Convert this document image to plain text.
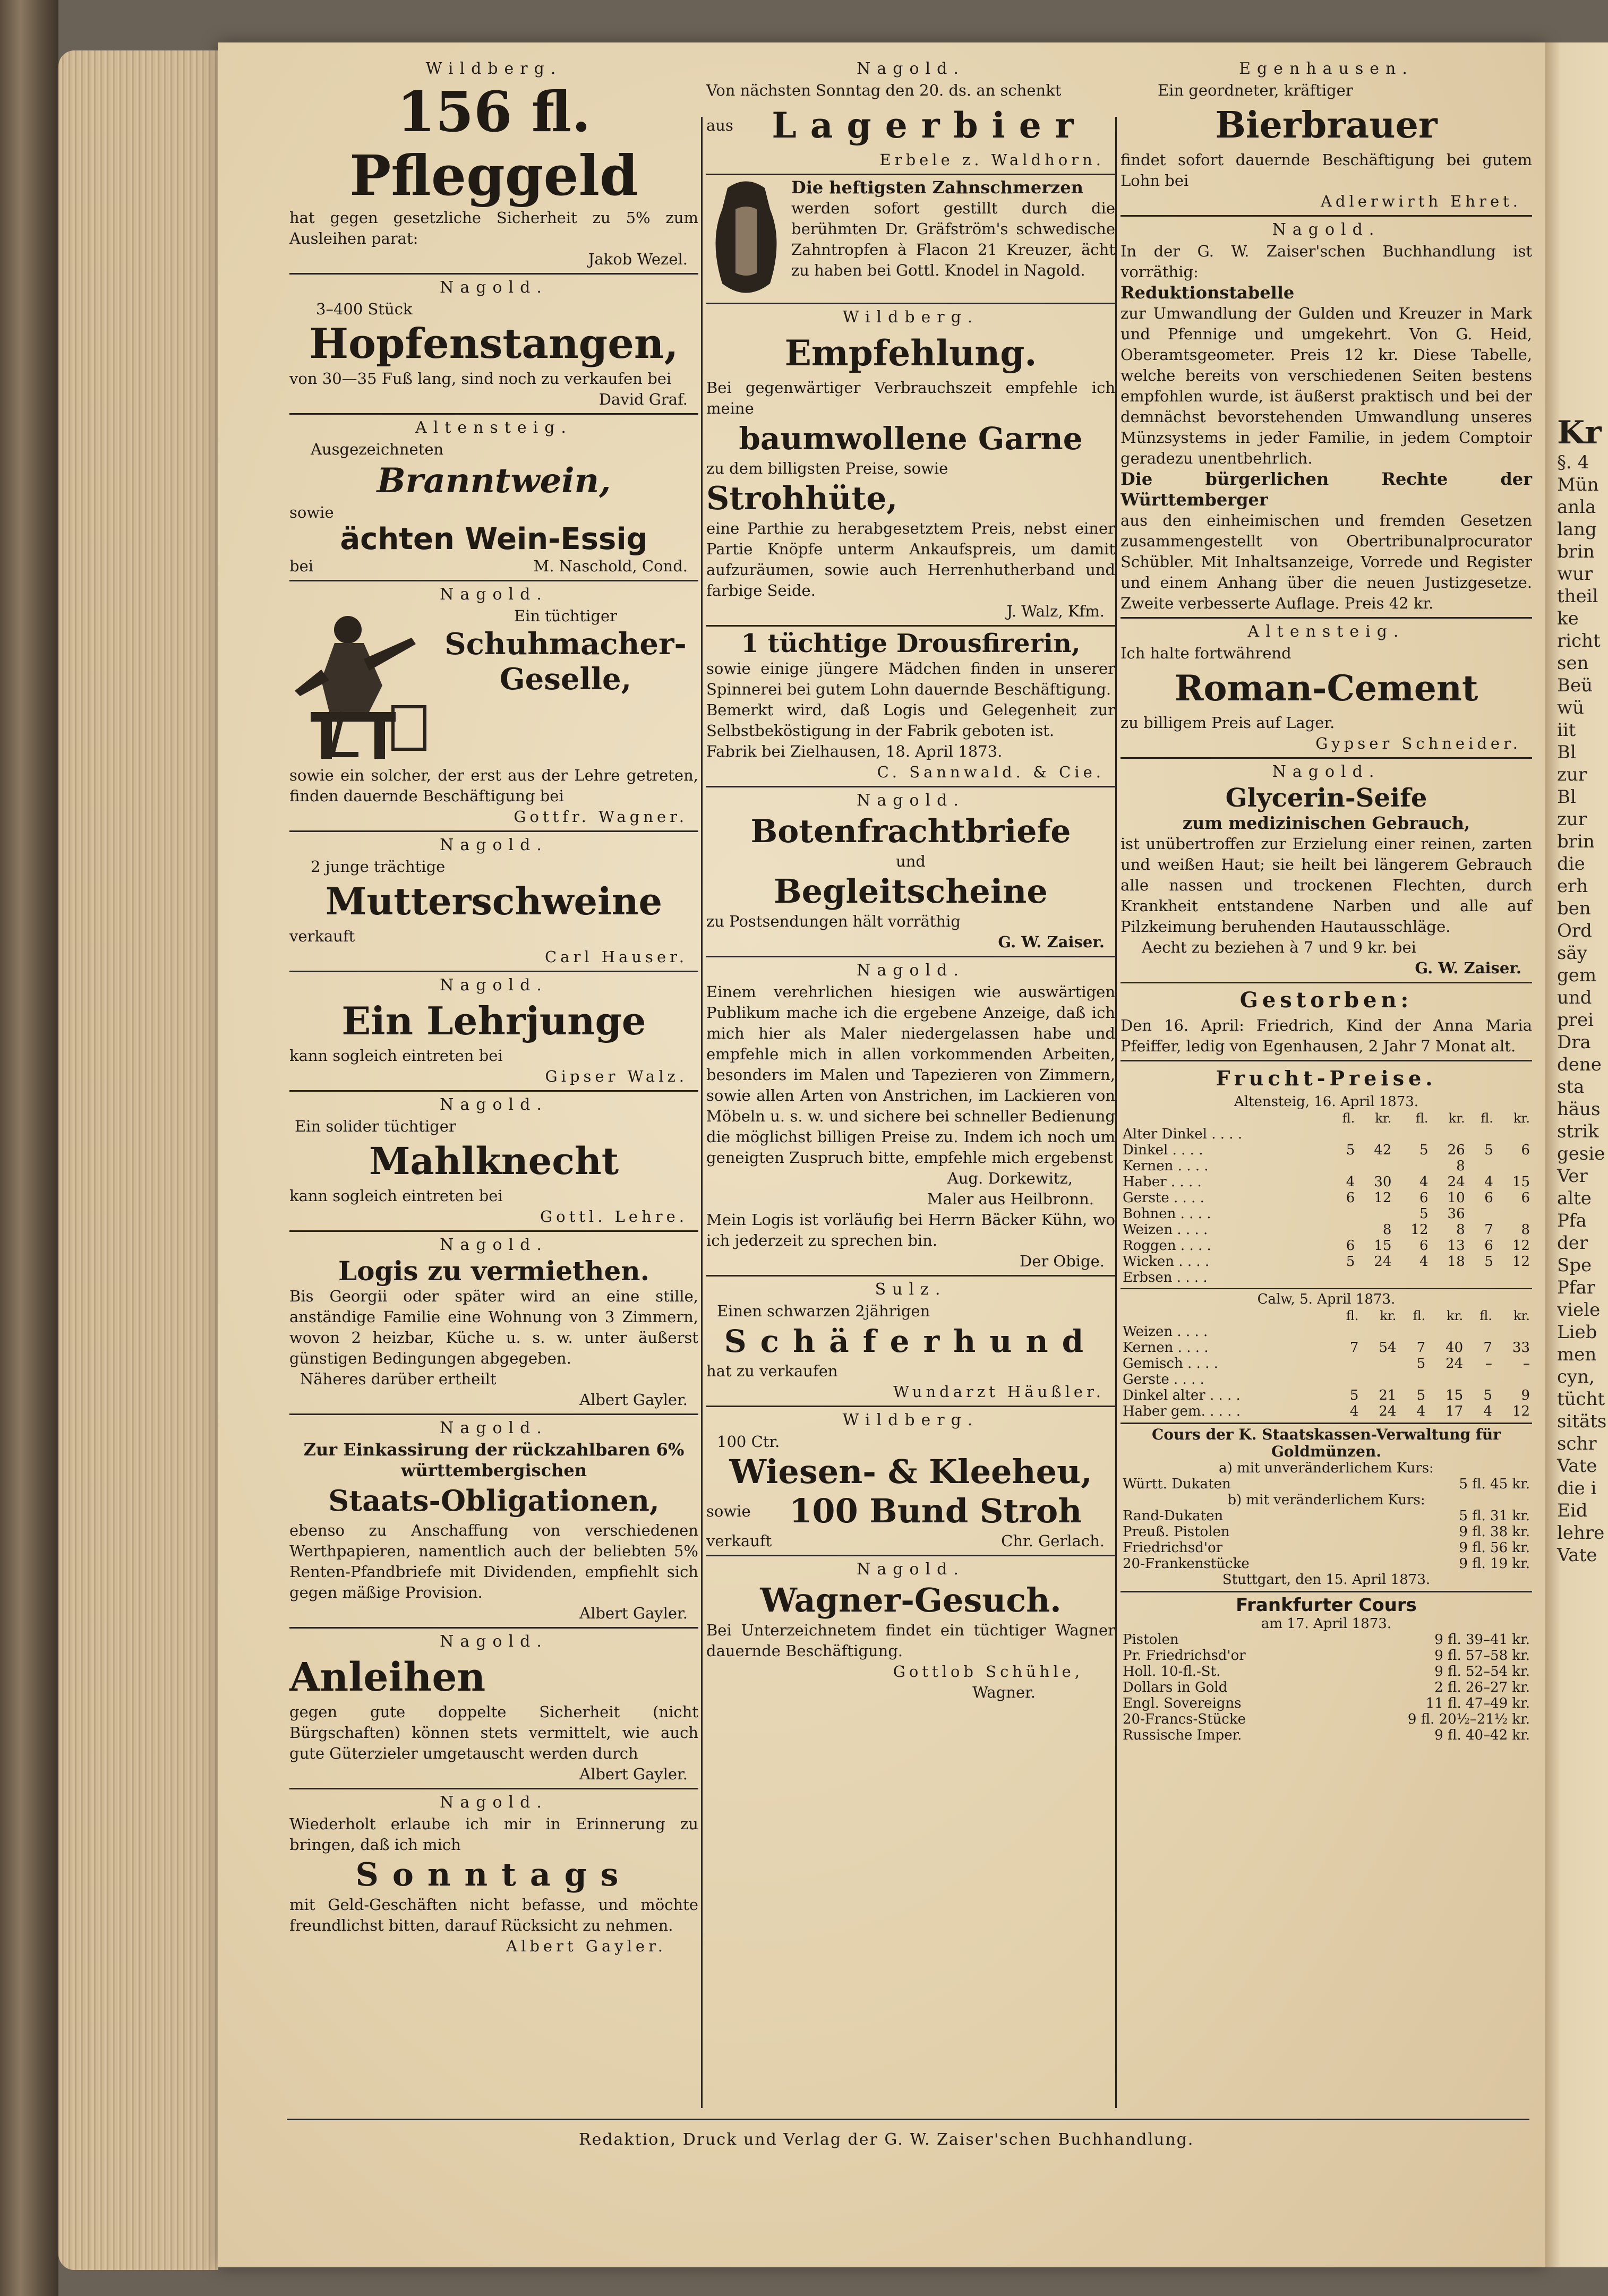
Kr
§. 4
Mün
anla
lang
brin
wur
theil
ke
richt
sen
Beü
wü
iit
Bl
zur
Bl
zur
brin
die
erh
ben
Ord
säy
gem
und
prei
Dra
dene
sta
häus
strik
gesie
Ver
alte
Pfa
der
Spe
Pfar
viele
Lieb
men
cyn,
tücht
sitäts
schr
Vate
die i
Eid
lehre
Vate
Wildberg.
156 fl. Pfleggeld
hat gegen gesetzliche Sicherheit zu 5% zum Ausleihen parat:
Jakob Wezel.
Nagold.
3–400 Stück
Hopfenstangen,
von 30—35 Fuß lang, sind noch zu verkaufen bei
David Graf.
Altensteig.
Ausgezeichneten
Branntwein,
sowie
ächten Wein-Essig
bei	M. Naschold, Cond.
Nagold.
Ein tüchtiger
Schuhmacher-Geselle,
sowie ein solcher, der erst aus der Lehre getreten, finden dauernde Beschäftigung bei
Gottfr. Wagner.
Nagold.
2 junge trächtige
Mutterschweine
verkauft
Carl Hauser.
Nagold.
Ein Lehrjunge
kann sogleich eintreten bei
Gipser Walz.
Nagold.
Ein solider tüchtiger
Mahlknecht
kann sogleich eintreten bei
Gottl. Lehre.
Nagold.
Logis zu vermiethen.
Bis Georgii oder später wird an eine stille, anständige Familie eine Wohnung von 3 Zimmern, wovon 2 heizbar, Küche u. s. w. unter äußerst günstigen Bedingungen abgegeben.
Näheres darüber ertheilt
Albert Gayler.
Nagold.
Zur Einkassirung der rückzahlbaren 6% württembergischen
Staats-Obligationen,
ebenso zu Anschaffung von verschiedenen Werthpapieren, namentlich auch der beliebten 5% Renten-Pfandbriefe mit Dividenden, empfiehlt sich gegen mäßige Provision.
Albert Gayler.
Nagold.
Anleihen
gegen gute doppelte Sicherheit (nicht Bürgschaften) können stets vermittelt, wie auch gute Güterzieler umgetauscht werden durch
Albert Gayler.
Nagold.
Wiederholt erlaube ich mir in Erinnerung zu bringen, daß ich mich
Sonntags
mit Geld-Geschäften nicht befasse, und möchte freundlichst bitten, darauf Rücksicht zu nehmen.
Albert Gayler.
Nagold.
Von nächsten Sonntag den 20. ds. an schenkt
aus	Lagerbier
Erbele z. Waldhorn.
Die heftigsten Zahnschmerzen
werden sofort gestillt durch die berühmten Dr. Gräfström's schwedische Zahntropfen à Flacon 21 Kreuzer, ächt zu haben bei Gottl. Knodel in Nagold.
Wildberg.
Empfehlung.
Bei gegenwärtiger Verbrauchszeit empfehle ich meine
baumwollene Garne
zu dem billigsten Preise, sowie
Strohhüte,
eine Parthie zu herabgesetztem Preis, nebst einer Partie Knöpfe unterm Ankaufspreis, um damit aufzuräumen, sowie auch Herrenhutherband und farbige Seide.
J. Walz, Kfm.
1 tüchtige Drousfirerin,
sowie einige jüngere Mädchen finden in unserer Spinnerei bei gutem Lohn dauernde Beschäftigung.
Bemerkt wird, daß Logis und Gelegenheit zur Selbstbeköstigung in der Fabrik geboten ist.
Fabrik bei Zielhausen, 18. April 1873.
C. Sannwald. & Cie.
Nagold.
Botenfrachtbriefe
und
Begleitscheine
zu Postsendungen hält vorräthig
G. W. Zaiser.
Nagold.
Einem verehrlichen hiesigen wie auswärtigen Publikum mache ich die ergebene Anzeige, daß ich mich hier als Maler niedergelassen habe und empfehle mich in allen vorkommenden Arbeiten, besonders im Malen und Tapezieren von Zimmern, sowie allen Arten von Anstrichen, im Lackieren von Möbeln u. s. w. und sichere bei schneller Bedienung die möglichst billigen Preise zu. Indem ich noch um geneigten Zuspruch bitte, empfehle mich ergebenst
Aug. Dorkewitz,
Maler aus Heilbronn.
Mein Logis ist vorläufig bei Herrn Bäcker Kühn, wo ich jederzeit zu sprechen bin.
Der Obige.
Sulz.
Einen schwarzen 2jährigen
Schäferhund
hat zu verkaufen
Wundarzt Häußler.
Wildberg.
100 Ctr.
Wiesen- & Kleeheu,
sowie	100 Bund Stroh
verkauft	Chr. Gerlach.
Nagold.
Wagner-Gesuch.
Bei Unterzeichnetem findet ein tüchtiger Wagner dauernde Beschäftigung.
Gottlob Schühle,
Wagner.
Egenhausen.
Ein geordneter, kräftiger
Bierbrauer
findet sofort dauernde Beschäftigung bei gutem Lohn bei
Adlerwirth Ehret.
Nagold.
In der G. W. Zaiser'schen Buchhandlung ist vorräthig:
Reduktionstabelle
zur Umwandlung der Gulden und Kreuzer in Mark und Pfennige und umgekehrt. Von G. Heid, Oberamtsgeometer. Preis 12 kr. Diese Tabelle, welche bereits von verschiedenen Seiten bestens empfohlen wurde, ist äußerst praktisch und bei der demnächst bevorstehenden Umwandlung unseres Münzsystems in jeder Familie, in jedem Comptoir geradezu unentbehrlich.
Die bürgerlichen Rechte der Württemberger
aus den einheimischen und fremden Gesetzen zusammengestellt von Obertribunalprocurator Schübler. Mit Inhaltsanzeige, Vorrede und Register und einem Anhang über die neuen Justizgesetze. Zweite verbesserte Auflage. Preis 42 kr.
Altensteig.
Ich halte fortwährend
Roman-Cement
zu billigem Preis auf Lager.
Gypser Schneider.
Nagold.
Glycerin-Seife
zum medizinischen Gebrauch,
ist unübertroffen zur Erzielung einer reinen, zarten und weißen Haut; sie heilt bei längerem Gebrauch alle nassen und trockenen Flechten, durch Krankheit entstandene Narben und alle auf Pilzkeimung beruhenden Hautausschläge.
Aecht zu beziehen à 7 und 9 kr. bei
G. W. Zaiser.
Gestorben:
Den 16. April: Friedrich, Kind der Anna Maria Pfeiffer, ledig von Egenhausen, 2 Jahr 7 Monat alt.
Frucht-Preise.
Altensteig, 16. April 1873.
	fl.	kr.	fl.	kr.	fl.	kr.
Alter Dinkel . . . .						
Dinkel . . . .	5	42	5	26	5	6
Kernen . . . .				8		
Haber . . . .	4	30	4	24	4	15
Gerste . . . .	6	12	6	10	6	6
Bohnen . . . .			5	36		
Weizen . . . .		8	12	8	7	8
Roggen . . . .	6	15	6	13	6	12
Wicken . . . .	5	24	4	18	5	12
Erbsen . . . .						
Calw, 5. April 1873.
	fl.	kr.	fl.	kr.	fl.	kr.
Weizen . . . .						
Kernen . . . .	7	54	7	40	7	33
Gemisch . . . .			5	24	–	–
Gerste . . . .						
Dinkel alter . . . .	5	21	5	15	5	9
Haber gem. . . . .	4	24	4	17	4	12
Cours der K. Staatskassen-Verwaltung für Goldmünzen.
a) mit unveränderlichem Kurs:
Württ. Dukaten	5 fl. 45 kr.
b) mit veränderlichem Kurs:
Rand-Dukaten	5 fl. 31 kr.
Preuß. Pistolen	9 fl. 38 kr.
Friedrichsd'or	9 fl. 56 kr.
20-Frankenstücke	9 fl. 19 kr.
Stuttgart, den 15. April 1873.
Frankfurter Cours
am 17. April 1873.
Pistolen	9 fl. 39–41 kr.
Pr. Friedrichsd'or	9 fl. 57–58 kr.
Holl. 10-fl.-St.	9 fl. 52–54 kr.
Dollars in Gold	2 fl. 26–27 kr.
Engl. Sovereigns	11 fl. 47–49 kr.
20-Francs-Stücke	9 fl. 20½–21½ kr.
Russische Imper.	9 fl. 40–42 kr.
Redaktion, Druck und Verlag der G. W. Zaiser'schen Buchhandlung.
